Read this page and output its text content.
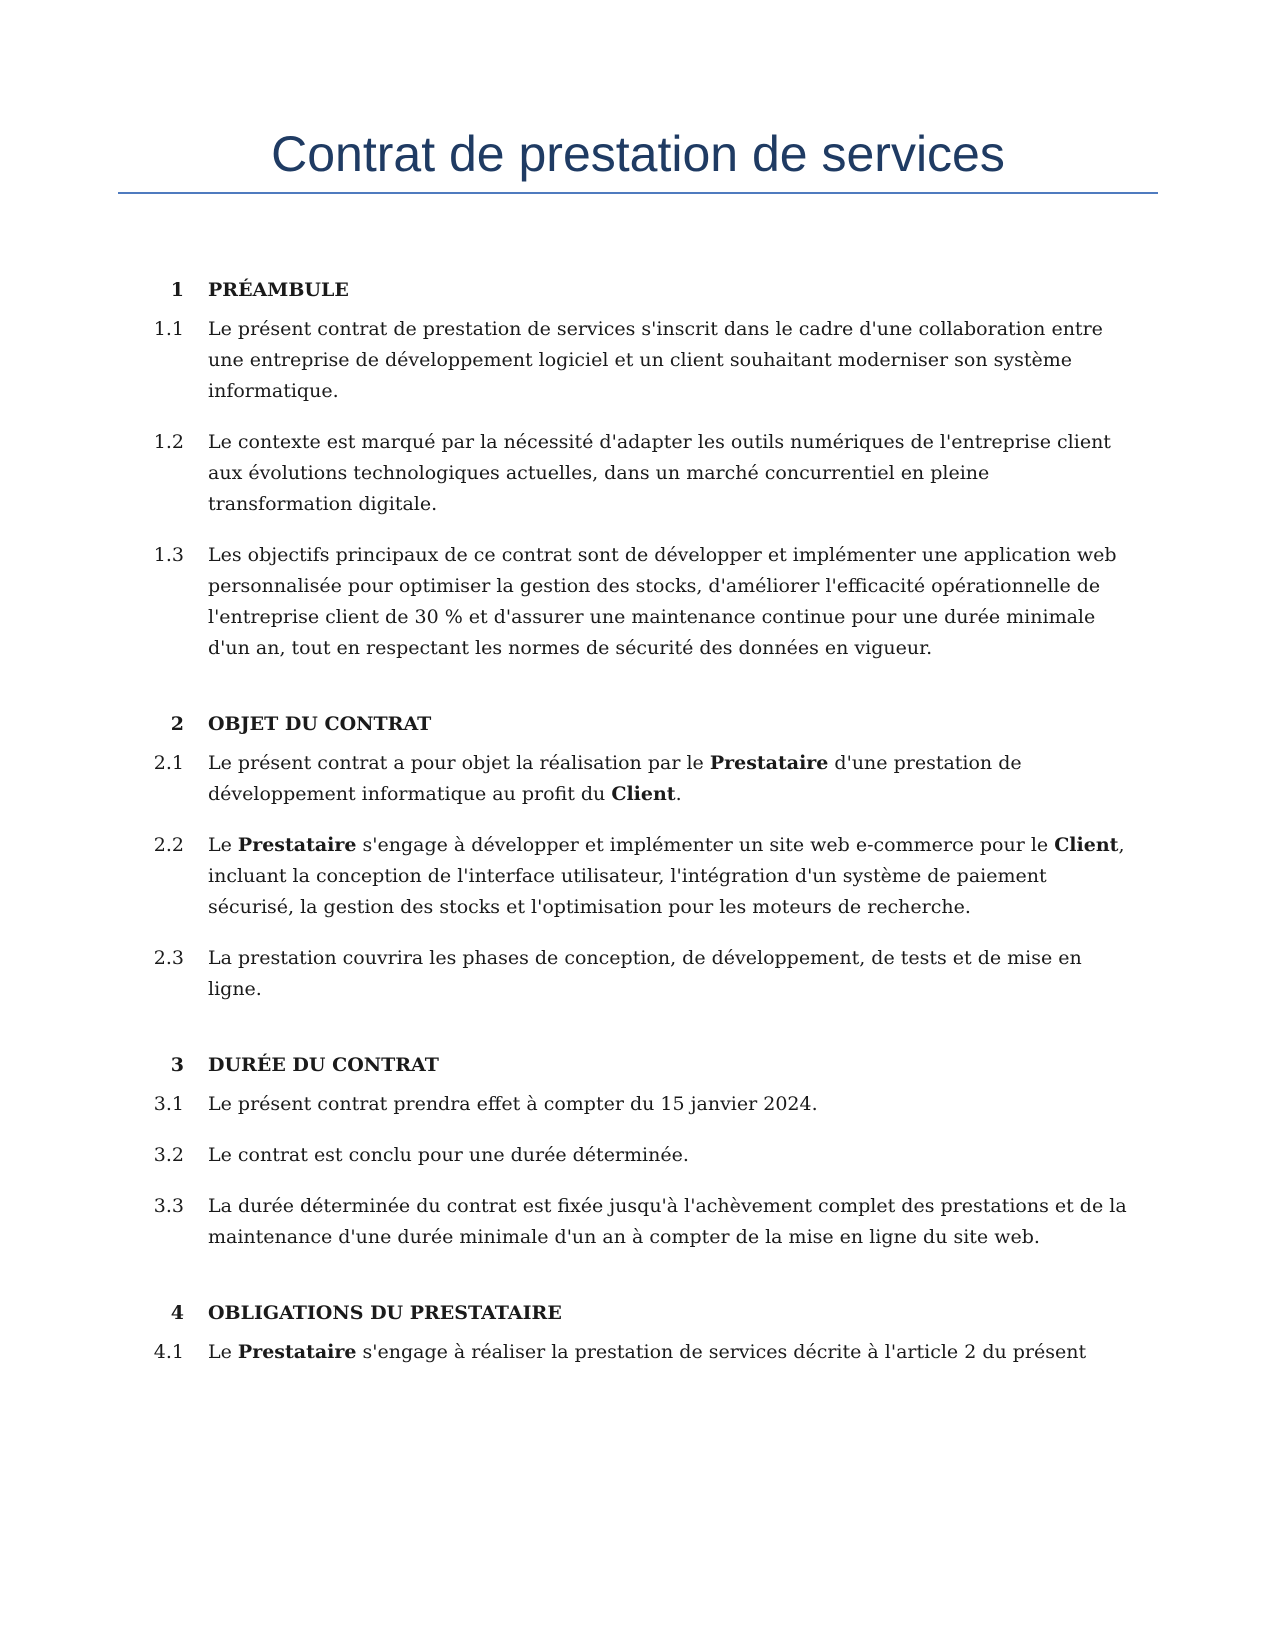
Contrat de prestation de services
1 PRÉAMBULE
1.1 Le présent contrat de prestation de services s'inscrit dans le cadre d'une collaboration entre une entreprise de développement logiciel et un client souhaitant moderniser son système informatique.
1.2 Le contexte est marqué par la nécessité d'adapter les outils numériques de l'entreprise client aux évolutions technologiques actuelles, dans un marché concurrentiel en pleine transformation digitale.
1.3 Les objectifs principaux de ce contrat sont de développer et implémenter une application web personnalisée pour optimiser la gestion des stocks, d'améliorer l'efficacité opérationnelle de l'entreprise client de 30 % et d'assurer une maintenance continue pour une durée minimale d'un an, tout en respectant les normes de sécurité des données en vigueur.
2 OBJET DU CONTRAT
2.1 Le présent contrat a pour objet la réalisation par le Prestataire d'une prestation de développement informatique au profit du Client.
2.2 Le Prestataire s'engage à développer et implémenter un site web e-commerce pour le Client, incluant la conception de l'interface utilisateur, l'intégration d'un système de paiement sécurisé, la gestion des stocks et l'optimisation pour les moteurs de recherche.
2.3 La prestation couvrira les phases de conception, de développement, de tests et de mise en ligne.
3 DURÉE DU CONTRAT
3.1 Le présent contrat prendra effet à compter du 15 janvier 2024.
3.2 Le contrat est conclu pour une durée déterminée.
3.3 La durée déterminée du contrat est fixée jusqu'à l'achèvement complet des prestations et de la maintenance d'une durée minimale d'un an à compter de la mise en ligne du site web.
4 OBLIGATIONS DU PRESTATAIRE
4.1 Le Prestataire s'engage à réaliser la prestation de services décrite à l'article 2 du présent
